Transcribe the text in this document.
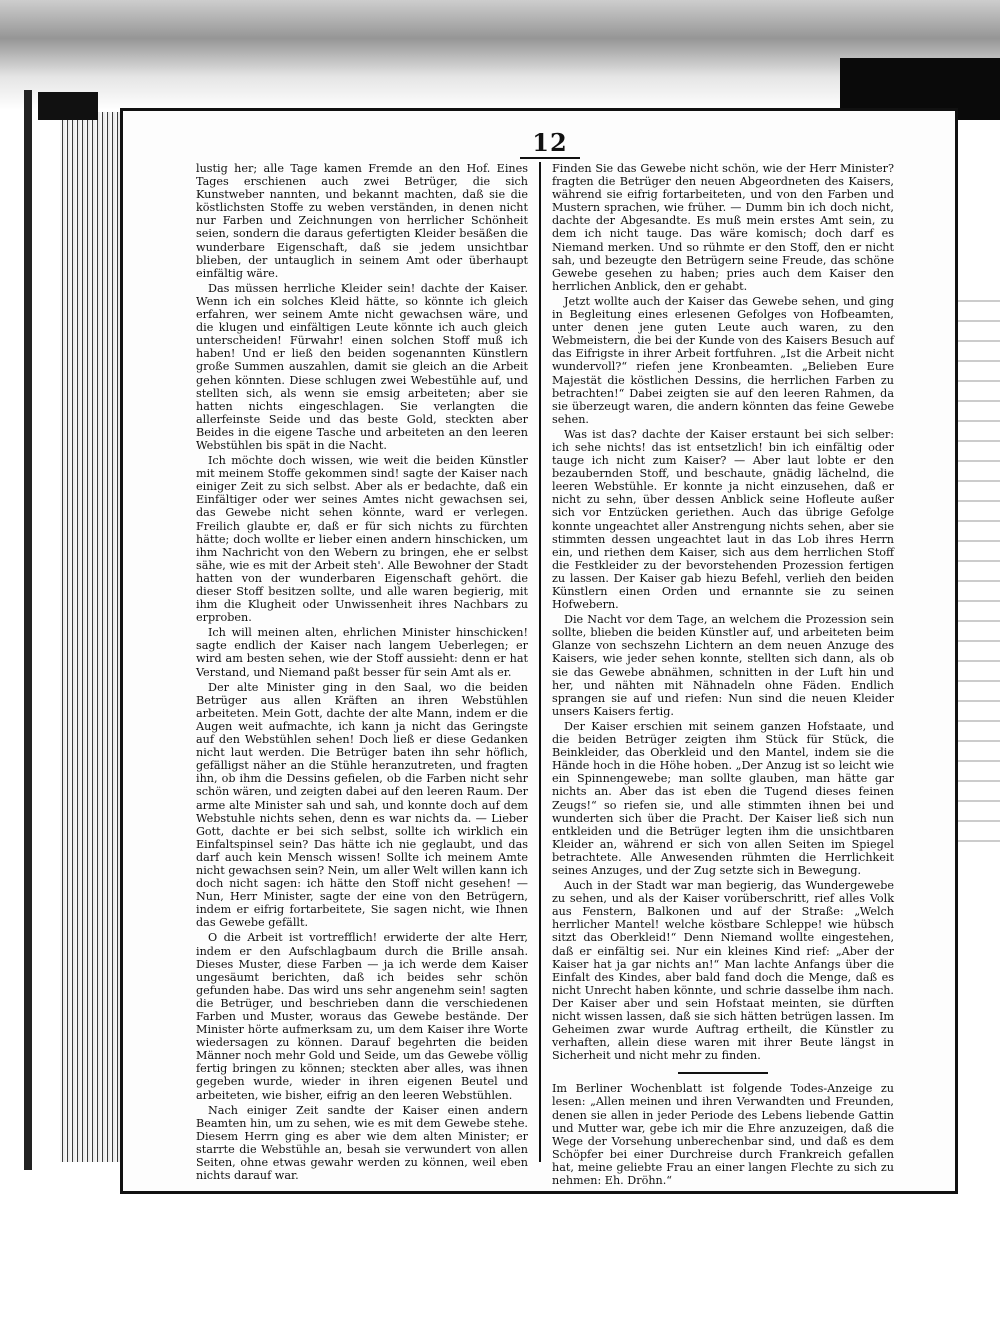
12

lustig her; alle Tage kamen Fremde an den Hof. Eines Tages erschienen auch zwei Betrüger, die sich Kunstweber nannten, und bekannt machten, daß sie die köstlichsten Stoffe zu weben verständen, in denen nicht nur Farben und Zeichnungen von herrlicher Schönheit seien, sondern die daraus gefertigten Kleider besäßen die wunderbare Eigenschaft, daß sie jedem unsichtbar blieben, der untauglich in seinem Amt oder überhaupt einfältig wäre.

Das müssen herrliche Kleider sein! dachte der Kaiser. Wenn ich ein solches Kleid hätte, so könnte ich gleich erfahren, wer seinem Amte nicht gewachsen wäre, und die klugen und einfältigen Leute könnte ich auch gleich unterscheiden! Fürwahr! einen solchen Stoff muß ich haben! Und er ließ den beiden sogenannten Künstlern große Summen auszahlen, damit sie gleich an die Arbeit gehen könnten. Diese schlugen zwei Webestühle auf, und stellten sich, als wenn sie emsig arbeiteten; aber sie hatten nichts eingeschlagen. Sie verlangten die allerfeinste Seide und das beste Gold, steckten aber Beides in die eigene Tasche und arbeiteten an den leeren Webstühlen bis spät in die Nacht.

Ich möchte doch wissen, wie weit die beiden Künstler mit meinem Stoffe gekommen sind! sagte der Kaiser nach einiger Zeit zu sich selbst. Aber als er bedachte, daß ein Einfältiger oder wer seines Amtes nicht gewachsen sei, das Gewebe nicht sehen könnte, ward er verlegen. Freilich glaubte er, daß er für sich nichts zu fürchten hätte; doch wollte er lieber einen andern hinschicken, um ihm Nachricht von den Webern zu bringen, ehe er selbst sähe, wie es mit der Arbeit steh'. Alle Bewohner der Stadt hatten von der wunderbaren Eigenschaft gehört. die dieser Stoff besitzen sollte, und alle waren begierig, mit ihm die Klugheit oder Unwissenheit ihres Nachbars zu erproben.

Ich will meinen alten, ehrlichen Minister hinschicken! sagte endlich der Kaiser nach langem Ueberlegen; er wird am besten sehen, wie der Stoff aussieht: denn er hat Verstand, und Niemand paßt besser für sein Amt als er.

Der alte Minister ging in den Saal, wo die beiden Betrüger aus allen Kräften an ihren Webstühlen arbeiteten. Mein Gott, dachte der alte Mann, indem er die Augen weit aufmachte, ich kann ja nicht das Geringste auf den Webstühlen sehen! Doch ließ er diese Gedanken nicht laut werden. Die Betrüger baten ihn sehr höflich, gefälligst näher an die Stühle heranzutreten, und fragten ihn, ob ihm die Dessins gefielen, ob die Farben nicht sehr schön wären, und zeigten dabei auf den leeren Raum. Der arme alte Minister sah und sah, und konnte doch auf dem Webstuhle nichts sehen, denn es war nichts da. — Lieber Gott, dachte er bei sich selbst, sollte ich wirklich ein Einfaltspinsel sein? Das hätte ich nie geglaubt, und das darf auch kein Mensch wissen! Sollte ich meinem Amte nicht gewachsen sein? Nein, um aller Welt willen kann ich doch nicht sagen: ich hätte den Stoff nicht gesehen! — Nun, Herr Minister, sagte der eine von den Betrügern, indem er eifrig fortarbeitete, Sie sagen nicht, wie Ihnen das Gewebe gefällt.

O die Arbeit ist vortrefflich! erwiderte der alte Herr, indem er den Aufschlagbaum durch die Brille ansah. Dieses Muster, diese Farben — ja ich werde dem Kaiser ungesäumt berichten, daß ich beides sehr schön gefunden habe. Das wird uns sehr angenehm sein! sagten die Betrüger, und beschrieben dann die verschiedenen Farben und Muster, woraus das Gewebe bestände. Der Minister hörte aufmerksam zu, um dem Kaiser ihre Worte wiedersagen zu können. Darauf begehrten die beiden Männer noch mehr Gold und Seide, um das Gewebe völlig fertig bringen zu können; steckten aber alles, was ihnen gegeben wurde, wieder in ihren eigenen Beutel und arbeiteten, wie bisher, eifrig an den leeren Webstühlen.

Nach einiger Zeit sandte der Kaiser einen andern Beamten hin, um zu sehen, wie es mit dem Gewebe stehe. Diesem Herrn ging es aber wie dem alten Minister; er starrte die Webstühle an, besah sie verwundert von allen Seiten, ohne etwas gewahr werden zu können, weil eben nichts darauf war.

Finden Sie das Gewebe nicht schön, wie der Herr Minister? fragten die Betrüger den neuen Abgeordneten des Kaisers, während sie eifrig fortarbeiteten, und von den Farben und Mustern sprachen, wie früher. — Dumm bin ich doch nicht, dachte der Abgesandte. Es muß mein erstes Amt sein, zu dem ich nicht tauge. Das wäre komisch; doch darf es Niemand merken. Und so rühmte er den Stoff, den er nicht sah, und bezeugte den Betrügern seine Freude, das schöne Gewebe gesehen zu haben; pries auch dem Kaiser den herrlichen Anblick, den er gehabt.

Jetzt wollte auch der Kaiser das Gewebe sehen, und ging in Begleitung eines erlesenen Gefolges von Hofbeamten, unter denen jene guten Leute auch waren, zu den Webmeistern, die bei der Kunde von des Kaisers Besuch auf das Eifrigste in ihrer Arbeit fortfuhren. „Ist die Arbeit nicht wundervoll?“ riefen jene Kronbeamten. „Belieben Eure Majestät die köstlichen Dessins, die herrlichen Farben zu betrachten!“ Dabei zeigten sie auf den leeren Rahmen, da sie überzeugt waren, die andern könnten das feine Gewebe sehen.

Was ist das? dachte der Kaiser erstaunt bei sich selber: ich sehe nichts! das ist entsetzlich! bin ich einfältig oder tauge ich nicht zum Kaiser? — Aber laut lobte er den bezaubernden Stoff, und beschaute, gnädig lächelnd, die leeren Webstühle. Er konnte ja nicht einzusehen, daß er nicht zu sehn, über dessen Anblick seine Hofleute außer sich vor Entzücken geriethen. Auch das übrige Gefolge konnte ungeachtet aller Anstrengung nichts sehen, aber sie stimmten dessen ungeachtet laut in das Lob ihres Herrn ein, und riethen dem Kaiser, sich aus dem herrlichen Stoff die Festkleider zu der bevorstehenden Prozession fertigen zu lassen. Der Kaiser gab hiezu Befehl, verlieh den beiden Künstlern einen Orden und ernannte sie zu seinen Hofwebern.

Die Nacht vor dem Tage, an welchem die Prozession sein sollte, blieben die beiden Künstler auf, und arbeiteten beim Glanze von sechszehn Lichtern an dem neuen Anzuge des Kaisers, wie jeder sehen konnte, stellten sich dann, als ob sie das Gewebe abnähmen, schnitten in der Luft hin und her, und nähten mit Nähnadeln ohne Fäden. Endlich sprangen sie auf und riefen: Nun sind die neuen Kleider unsers Kaisers fertig.

Der Kaiser erschien mit seinem ganzen Hofstaate, und die beiden Betrüger zeigten ihm Stück für Stück, die Beinkleider, das Oberkleid und den Mantel, indem sie die Hände hoch in die Höhe hoben. „Der Anzug ist so leicht wie ein Spinnengewebe; man sollte glauben, man hätte gar nichts an. Aber das ist eben die Tugend dieses feinen Zeugs!“ so riefen sie, und alle stimmten ihnen bei und wunderten sich über die Pracht. Der Kaiser ließ sich nun entkleiden und die Betrüger legten ihm die unsichtbaren Kleider an, während er sich von allen Seiten im Spiegel betrachtete. Alle Anwesenden rühmten die Herrlichkeit seines Anzuges, und der Zug setzte sich in Bewegung.

Auch in der Stadt war man begierig, das Wundergewebe zu sehen, und als der Kaiser vorüberschritt, rief alles Volk aus Fenstern, Balkonen und auf der Straße: „Welch herrlicher Mantel! welche köstbare Schleppe! wie hübsch sitzt das Oberkleid!“ Denn Niemand wollte eingestehen, daß er einfältig sei. Nur ein kleines Kind rief: „Aber der Kaiser hat ja gar nichts an!“ Man lachte Anfangs über die Einfalt des Kindes, aber bald fand doch die Menge, daß es nicht Unrecht haben könnte, und schrie dasselbe ihm nach. Der Kaiser aber und sein Hofstaat meinten, sie dürften nicht wissen lassen, daß sie sich hätten betrügen lassen. Im Geheimen zwar wurde Auftrag ertheilt, die Künstler zu verhaften, allein diese waren mit ihrer Beute längst in Sicherheit und nicht mehr zu finden.

Im Berliner Wochenblatt ist folgende Todes-Anzeige zu lesen: „Allen meinen und ihren Verwandten und Freunden, denen sie allen in jeder Periode des Lebens liebende Gattin und Mutter war, gebe ich mir die Ehre anzuzeigen, daß die Wege der Vorsehung unberechenbar sind, und daß es dem Schöpfer bei einer Durchreise durch Frankreich gefallen hat, meine geliebte Frau an einer langen Flechte zu sich zu nehmen: Eh. Dröhn.“
